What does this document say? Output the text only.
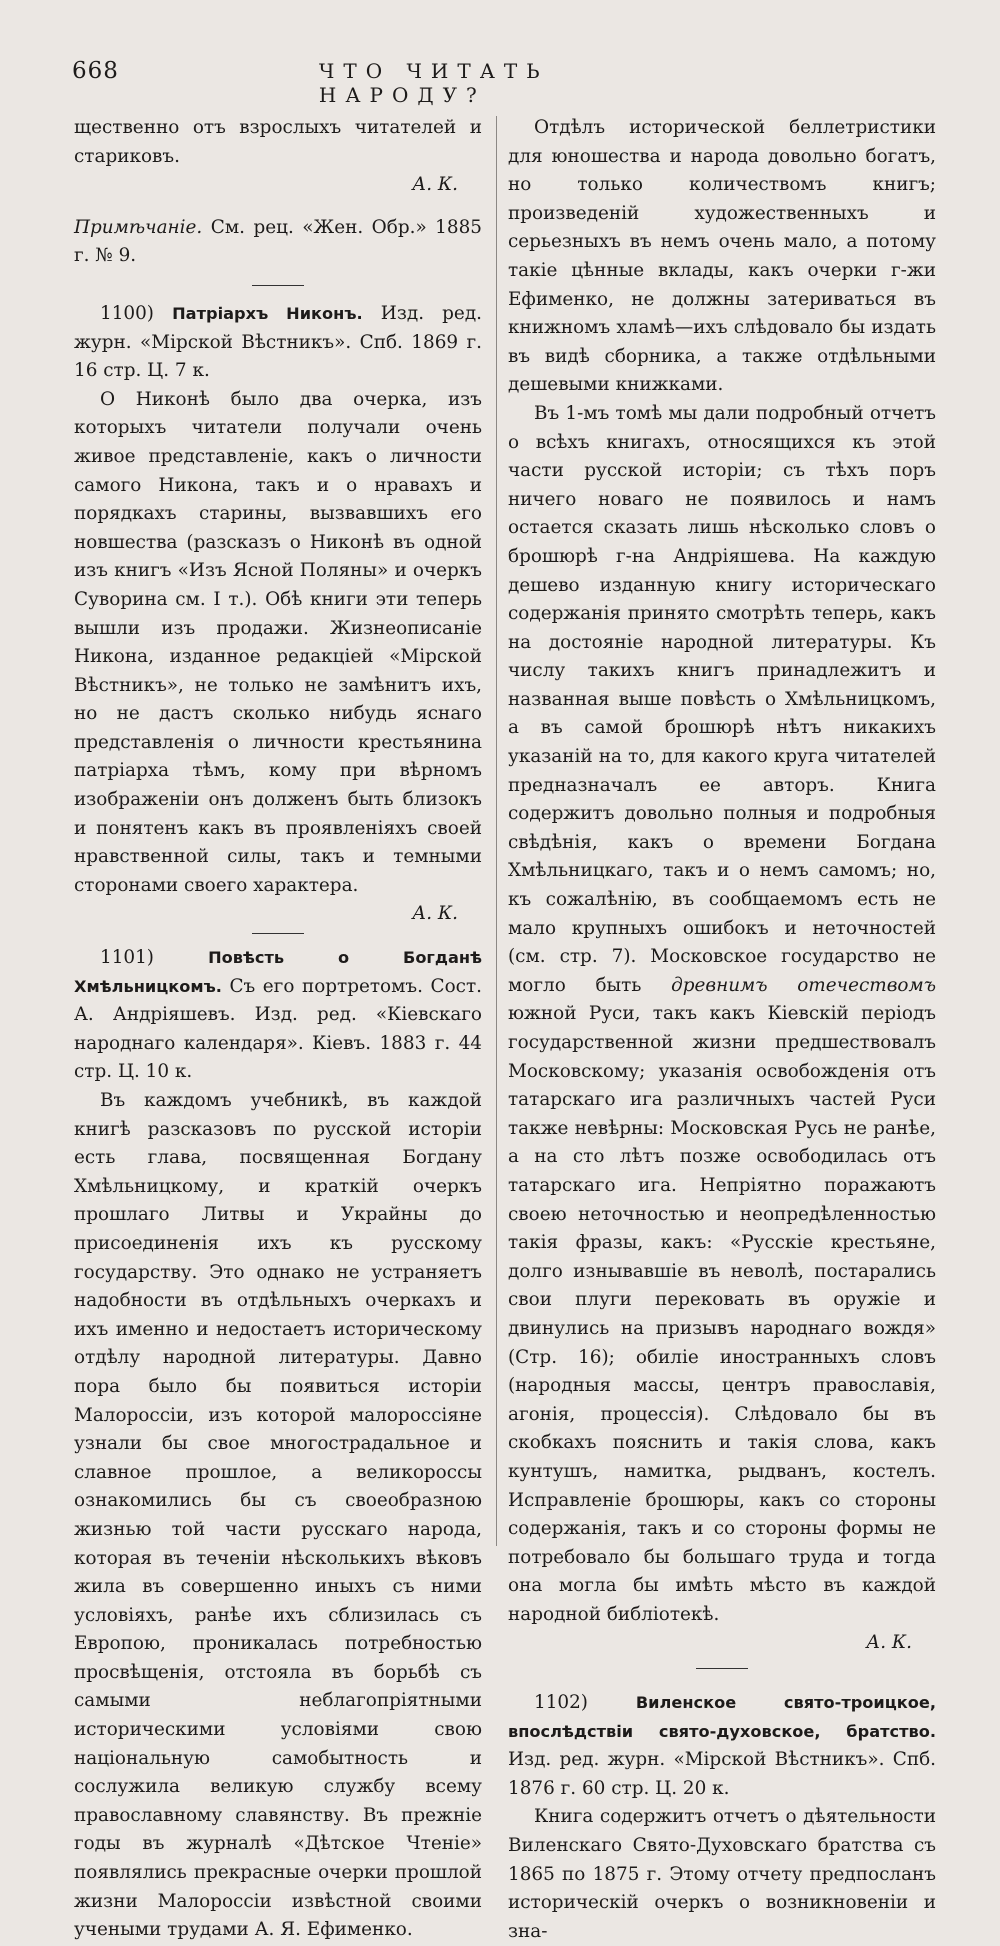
668	ЧТО ЧИТАТЬ НАРОДУ?

щественно отъ взрослыхъ читателей и стариковъ.

А. К.

Примѣчаніе. См. рец. «Жен. Обр.» 1885 г. № 9.

1100) Патріархъ Никонъ. Изд. ред. журн. «Мірской Вѣстникъ». Спб. 1869 г. 16 стр. Ц. 7 к.

О Никонѣ было два очерка, изъ которыхъ читатели получали очень живое представленіе, какъ о личности самого Никона, такъ и о нравахъ и порядкахъ старины, вызвавшихъ его новшества (разсказъ о Никонѣ въ одной изъ книгъ «Изъ Ясной Поляны» и очеркъ Суворина см. I т.). Обѣ книги эти теперь вышли изъ продажи. Жизнеописаніе Никона, изданное редакціей «Мірской Вѣстникъ», не только не замѣнитъ ихъ, но не дастъ сколько нибудь яснаго представленія о личности крестьянина патріарха тѣмъ, кому при вѣрномъ изображеніи онъ долженъ быть близокъ и понятенъ какъ въ проявленіяхъ своей нравственной силы, такъ и темными сторонами своего характера.

А. К.

1101)	Повѣсть о Богданѣ Хмѣльницкомъ. Съ его портретомъ. Сост. А. Андріяшевъ. Изд. ред. «Кіевскаго народнаго календаря». Кіевъ. 1883 г. 44 стр. Ц. 10 к.

Въ каждомъ учебникѣ, въ каждой книгѣ разсказовъ по русской исторіи есть глава, посвященная Богдану Хмѣльницкому, и краткій очеркъ прошлаго Литвы и Украйны до присоединенія ихъ къ русскому государству. Это однако не устраняетъ надобности въ отдѣльныхъ очеркахъ и ихъ именно и недостаетъ историческому отдѣлу народной литературы. Давно пора было бы появиться исторіи Малороссіи, изъ которой малороссіяне узнали бы свое многострадальное и славное прошлое, а великороссы ознакомились бы съ своеобразною жизнью той части русскаго народа, которая въ теченіи нѣсколькихъ вѣковъ жила въ совершенно иныхъ съ ними условіяхъ, ранѣе ихъ сблизилась съ Европою, проникалась потребностью просвѣщенія, отстояла въ борьбѣ съ самыми неблагопріятными историческими условіями свою національную самобытность и сослужила великую службу всему православному славянству. Въ прежніе годы въ журналѣ «Дѣтское Чтеніе» появлялись прекрасные очерки прошлой жизни Малороссіи извѣстной своими учеными трудами А. Я. Ефименко.

Отдѣлъ исторической беллетристики для юношества и народа довольно богатъ, но только количествомъ книгъ; произведеній художественныхъ и серьезныхъ въ немъ очень мало, а потому такіе цѣнные вклады, какъ очерки г-жи Ефименко, не должны затериваться въ книжномъ хламѣ—ихъ слѣдовало бы издать въ видѣ сборника, а также отдѣльными дешевыми книжками.

Въ 1-мъ томѣ мы дали подробный отчетъ о всѣхъ книгахъ, относящихся къ этой части русской исторіи; съ тѣхъ поръ ничего новаго не появилось и намъ остается сказать лишь нѣсколько словъ о брошюрѣ г-на Андріяшева. На каждую дешево изданную книгу историческаго содержанія принято смотрѣть теперь, какъ на достояніе народной литературы. Къ числу такихъ книгъ принадлежитъ и названная выше повѣсть о Хмѣльницкомъ, а въ самой брошюрѣ нѣтъ никакихъ указаній на то, для какого круга читателей предназначалъ ее авторъ. Книга содержитъ довольно полныя и подробныя свѣдѣнія, какъ о времени Богдана Хмѣльницкаго, такъ и о немъ самомъ; но, къ сожалѣнію, въ сообщаемомъ есть не мало крупныхъ ошибокъ и неточностей (см. стр. 7). Московское государство не могло быть древнимъ отечествомъ южной Руси, такъ какъ Кіевскій періодъ государственной жизни предшествовалъ Московскому; указанія освобожденія отъ татарскаго ига различныхъ частей Руси также невѣрны: Московская Русь не ранѣе, а на сто лѣтъ позже освободилась отъ татарскаго ига. Непріятно поражаютъ своею неточностью и неопредѣленностью такія фразы, какъ: «Русскіе крестьяне, долго изнывавшіе въ неволѣ, постарались свои плуги перековать въ оружіе и двинулись на призывъ народнаго вождя» (Стр. 16); обиліе иностранныхъ словъ (народныя массы, центръ православія, агонія, процессія). Слѣдовало бы въ скобкахъ пояснить и такія слова, какъ кунтушъ, намитка, рыдванъ, костелъ. Исправленіе брошюры, какъ со стороны содержанія, такъ и со стороны формы не потребовало бы большаго труда и тогда она могла бы имѣть мѣсто въ каждой народной библіотекѣ.

А. К.

1102)	Виленское свято-троицкое, впослѣдствіи свято-духовское, братство. Изд. ред. журн. «Мірской Вѣстникъ». Спб. 1876 г. 60 стр. Ц. 20 к.

Книга содержитъ отчетъ о дѣятельности Виленскаго Свято-Духовскаго братства съ 1865 по 1875 г. Этому отчету предпосланъ историческій очеркъ о возникновеніи и зна-
